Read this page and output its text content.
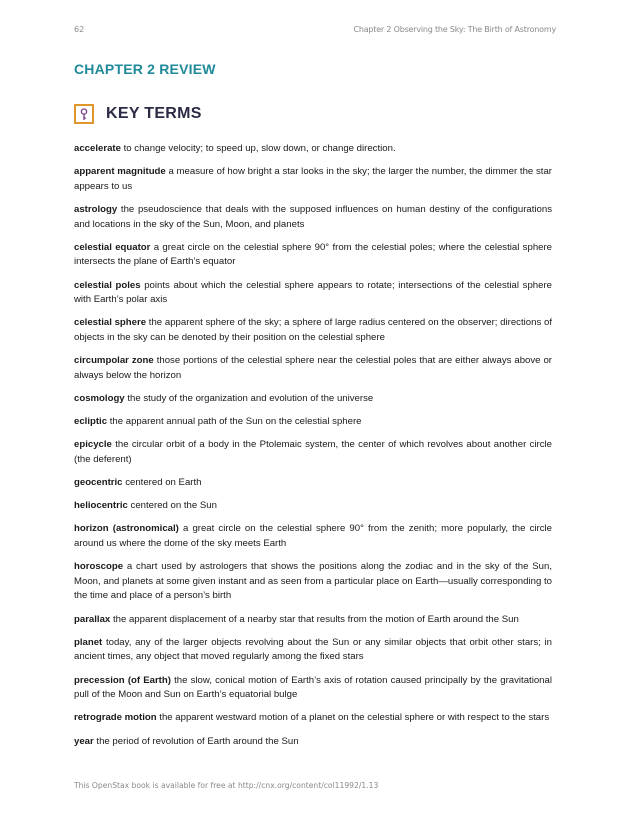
62	Chapter 2 Observing the Sky: The Birth of Astronomy
CHAPTER 2 REVIEW
KEY TERMS

accelerate to change velocity; to speed up, slow down, or change direction.

apparent magnitude a measure of how bright a star looks in the sky; the larger the number, the dimmer the star appears to us

astrology the pseudoscience that deals with the supposed influences on human destiny of the configurations and locations in the sky of the Sun, Moon, and planets

celestial equator a great circle on the celestial sphere 90° from the celestial poles; where the celestial sphere intersects the plane of Earth’s equator

celestial poles points about which the celestial sphere appears to rotate; intersections of the celestial sphere with Earth’s polar axis

celestial sphere the apparent sphere of the sky; a sphere of large radius centered on the observer; directions of objects in the sky can be denoted by their position on the celestial sphere

circumpolar zone those portions of the celestial sphere near the celestial poles that are either always above or always below the horizon

cosmology the study of the organization and evolution of the universe

ecliptic the apparent annual path of the Sun on the celestial sphere

epicycle the circular orbit of a body in the Ptolemaic system, the center of which revolves about another circle (the deferent)

geocentric centered on Earth

heliocentric centered on the Sun

horizon (astronomical) a great circle on the celestial sphere 90° from the zenith; more popularly, the circle around us where the dome of the sky meets Earth

horoscope a chart used by astrologers that shows the positions along the zodiac and in the sky of the Sun, Moon, and planets at some given instant and as seen from a particular place on Earth—usually corresponding to the time and place of a person’s birth

parallax the apparent displacement of a nearby star that results from the motion of Earth around the Sun

planet today, any of the larger objects revolving about the Sun or any similar objects that orbit other stars; in ancient times, any object that moved regularly among the fixed stars

precession (of Earth) the slow, conical motion of Earth’s axis of rotation caused principally by the gravitational pull of the Moon and Sun on Earth’s equatorial bulge

retrograde motion the apparent westward motion of a planet on the celestial sphere or with respect to the stars

year the period of revolution of Earth around the Sun

This OpenStax book is available for free at http://cnx.org/content/col11992/1.13
